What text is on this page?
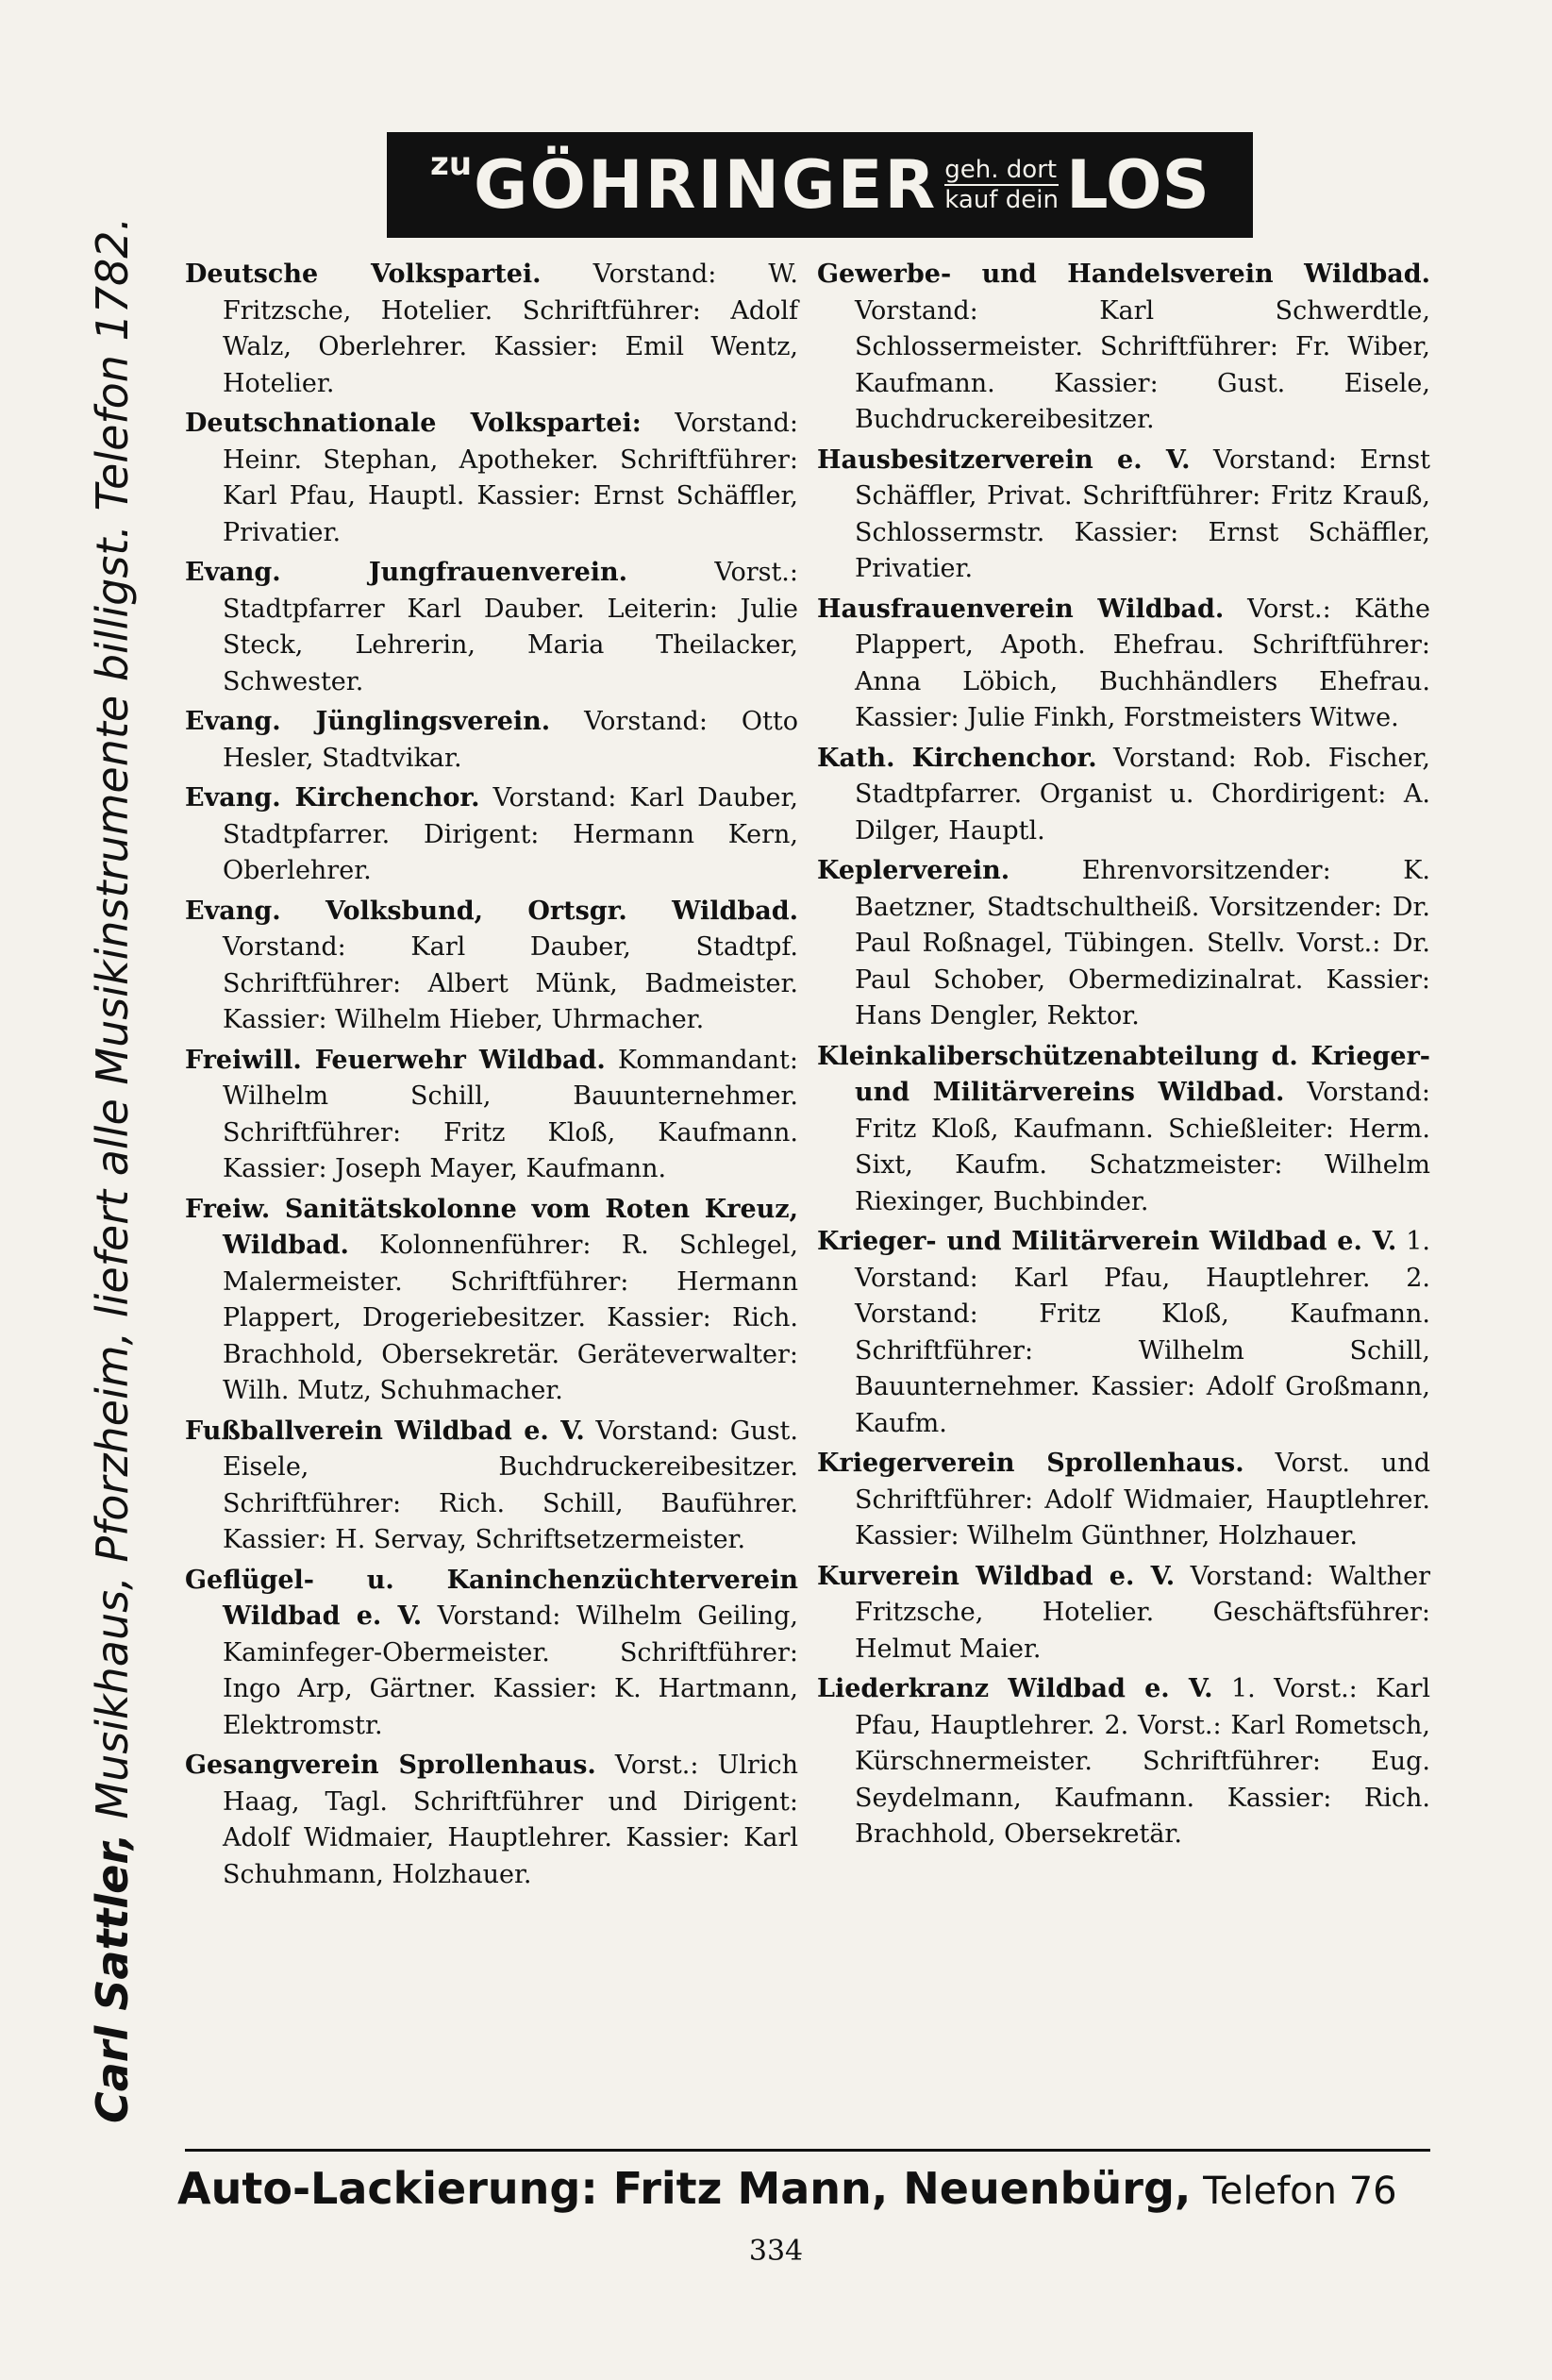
zu GÖHRINGER geh. dort
kauf dein LOS
Carl Sattler, Musikhaus, Pforzheim, liefert alle Musikinstrumente billigst. Telefon 1782. Deutsche Volkspartei. Vorstand: W. Fritzsche, Hotelier. Schriftführer: Adolf Walz, Oberlehrer. Kassier: Emil Wentz, Hotelier.

Deutschnationale Volkspartei: Vorstand: Heinr. Stephan, Apotheker. Schriftführer: Karl Pfau, Hauptl. Kassier: Ernst Schäffler, Privatier.

Evang. Jungfrauenverein. Vorst.: Stadtpfarrer Karl Dauber. Leiterin: Julie Steck, Lehrerin, Maria Theilacker, Schwester.

Evang. Jünglingsverein. Vorstand: Otto Hesler, Stadtvikar.

Evang. Kirchenchor. Vorstand: Karl Dauber, Stadtpfarrer. Dirigent: Hermann Kern, Oberlehrer.

Evang. Volksbund, Ortsgr. Wildbad. Vorstand: Karl Dauber, Stadtpf. Schriftführer: Albert Münk, Badmeister. Kassier: Wilhelm Hieber, Uhrmacher.

Freiwill. Feuerwehr Wildbad. Kommandant: Wilhelm Schill, Bauunternehmer. Schriftführer: Fritz Kloß, Kaufmann. Kassier: Joseph Mayer, Kaufmann.

Freiw. Sanitätskolonne vom Roten Kreuz, Wildbad. Kolonnenführer: R. Schlegel, Malermeister. Schriftführer: Hermann Plappert, Drogeriebesitzer. Kassier: Rich. Brachhold, Obersekretär. Geräteverwalter: Wilh. Mutz, Schuhmacher.

Fußballverein Wildbad e. V. Vorstand: Gust. Eisele, Buchdruckereibesitzer. Schriftführer: Rich. Schill, Bauführer. Kassier: H. Servay, Schriftsetzermeister.

Geflügel- u. Kaninchenzüchterverein Wildbad e. V. Vorstand: Wilhelm Geiling, Kaminfeger-Obermeister. Schriftführer: Ingo Arp, Gärtner. Kassier: K. Hartmann, Elektromstr.

Gesangverein Sprollenhaus. Vorst.: Ulrich Haag, Tagl. Schriftführer und Dirigent: Adolf Widmaier, Hauptlehrer. Kassier: Karl Schuhmann, Holzhauer.

Gewerbe- und Handelsverein Wildbad. Vorstand: Karl Schwerdtle, Schlossermeister. Schriftführer: Fr. Wiber, Kaufmann. Kassier: Gust. Eisele, Buchdruckereibesitzer.

Hausbesitzerverein e. V. Vorstand: Ernst Schäffler, Privat. Schriftführer: Fritz Krauß, Schlossermstr. Kassier: Ernst Schäffler, Privatier.

Hausfrauenverein Wildbad. Vorst.: Käthe Plappert, Apoth. Ehefrau. Schriftführer: Anna Löbich, Buchhändlers Ehefrau. Kassier: Julie Finkh, Forstmeisters Witwe.

Kath. Kirchenchor. Vorstand: Rob. Fischer, Stadtpfarrer. Organist u. Chordirigent: A. Dilger, Hauptl.

Keplerverein. Ehrenvorsitzender: K. Baetzner, Stadtschultheiß. Vorsitzender: Dr. Paul Roßnagel, Tübingen. Stellv. Vorst.: Dr. Paul Schober, Obermedizinalrat. Kassier: Hans Dengler, Rektor.

Kleinkaliberschützenabteilung d. Krieger- und Militärvereins Wildbad. Vorstand: Fritz Kloß, Kaufmann. Schießleiter: Herm. Sixt, Kaufm. Schatzmeister: Wilhelm Riexinger, Buchbinder.

Krieger- und Militärverein Wildbad e. V. 1. Vorstand: Karl Pfau, Hauptlehrer. 2. Vorstand: Fritz Kloß, Kaufmann. Schriftführer: Wilhelm Schill, Bauunternehmer. Kassier: Adolf Großmann, Kaufm.

Kriegerverein Sprollenhaus. Vorst. und Schriftführer: Adolf Widmaier, Hauptlehrer. Kassier: Wilhelm Günthner, Holzhauer.

Kurverein Wildbad e. V. Vorstand: Walther Fritzsche, Hotelier. Geschäftsführer: Helmut Maier.

Liederkranz Wildbad e. V. 1. Vorst.: Karl Pfau, Hauptlehrer. 2. Vorst.: Karl Rometsch, Kürschnermeister. Schriftführer: Eug. Seydelmann, Kaufmann. Kassier: Rich. Brachhold, Obersekretär.

Auto-Lackierung: Fritz Mann, Neuenbürg, Telefon 76
334
